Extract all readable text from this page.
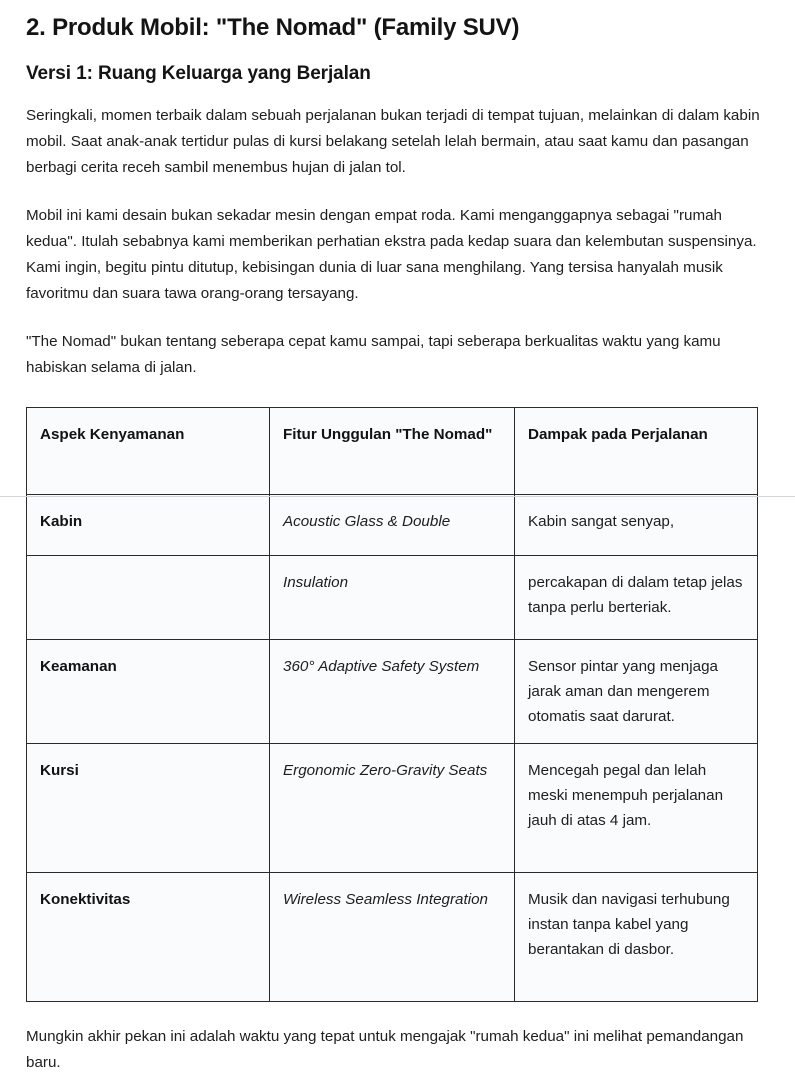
2. Produk Mobil: "The Nomad" (Family SUV)
Versi 1: Ruang Keluarga yang Berjalan

Seringkali, momen terbaik dalam sebuah perjalanan bukan terjadi di tempat tujuan, melainkan di dalam kabin mobil. Saat anak-anak tertidur pulas di kursi belakang setelah lelah bermain, atau saat kamu dan pasangan berbagi cerita receh sambil menembus hujan di jalan tol.

Mobil ini kami desain bukan sekadar mesin dengan empat roda. Kami menganggapnya sebagai "rumah kedua". Itulah sebabnya kami memberikan perhatian ekstra pada kedap suara dan kelembutan suspensinya. Kami ingin, begitu pintu ditutup, kebisingan dunia di luar sana menghilang. Yang tersisa hanyalah musik favoritmu dan suara tawa orang-orang tersayang.

"The Nomad" bukan tentang seberapa cepat kamu sampai, tapi seberapa berkualitas waktu yang kamu habiskan selama di jalan.

Aspek Kenyamanan	Fitur Unggulan "The Nomad"	Dampak pada Perjalanan
Kabin	Acoustic Glass & Double	Kabin sangat senyap,
	Insulation	percakapan di dalam tetap jelas tanpa perlu berteriak.
Keamanan	360° Adaptive Safety System	Sensor pintar yang menjaga jarak aman dan mengerem otomatis saat darurat.
Kursi	Ergonomic Zero-Gravity Seats	Mencegah pegal dan lelah meski menempuh perjalanan jauh di atas 4 jam.
Konektivitas	Wireless Seamless Integration	Musik dan navigasi terhubung instan tanpa kabel yang berantakan di dasbor.

Mungkin akhir pekan ini adalah waktu yang tepat untuk mengajak "rumah kedua" ini melihat pemandangan baru.
